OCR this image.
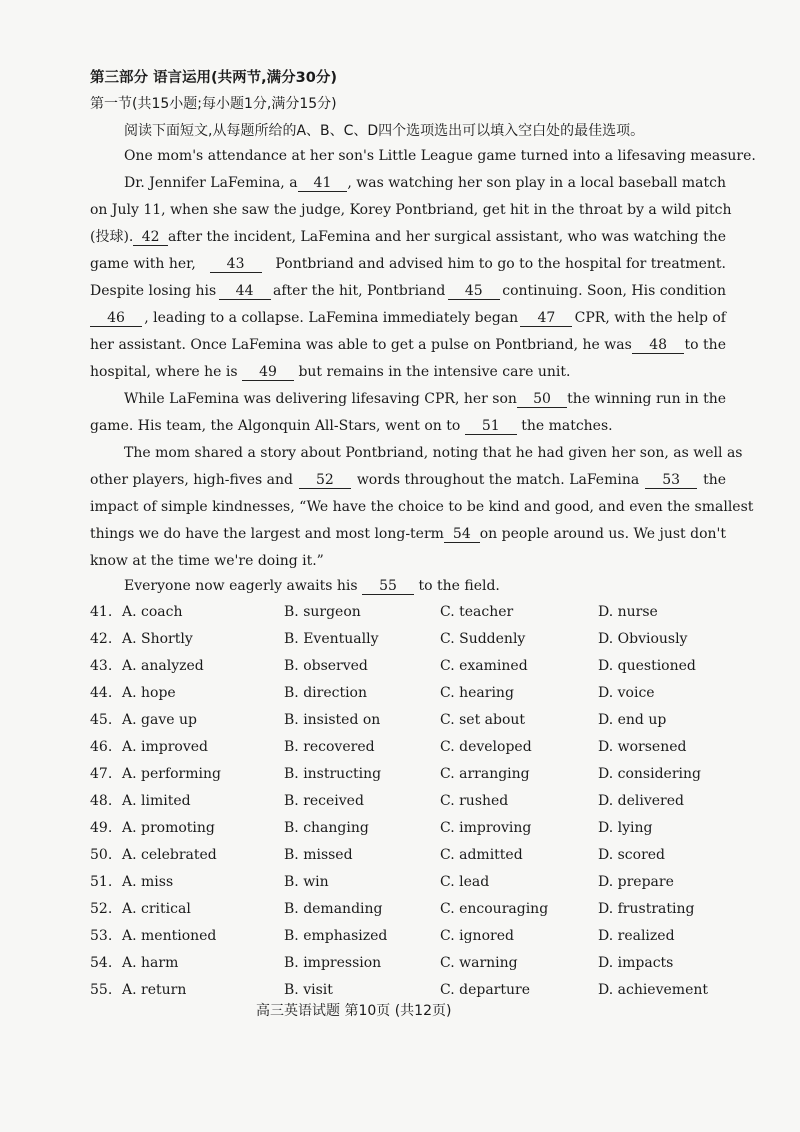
第三部分 语言运用(共两节,满分30分)
第一节(共15小题;每小题1分,满分15分)
阅读下面短文,从每题所给的A、B、C、D四个选项选出可以填入空白处的最佳选项。
One mom's attendance at her son's Little League game turned into a lifesaving measure.
Dr. Jennifer LaFemina, a	41	, was watching her son play in a local baseball match
on July 11, when she saw the judge, Korey Pontbriand, get hit in the throat by a wild pitch
(投球). 42 after the incident, LaFemina and her surgical assistant, who was watching the
game with her,	43	Pontbriand and advised him to go to the hospital for treatment.
Despite losing his	44	after the hit, Pontbriand	45	continuing. Soon, His condition
46	, leading to a collapse. LaFemina immediately began	47	CPR, with the help of
her assistant. Once LaFemina was able to get a pulse on Pontbriand, he was	48	to the
hospital, where he is
	49
	but remains in the intensive care unit.
While LaFemina was delivering lifesaving CPR, her son	50	the winning run in the
game. His team, the Algonquin All-Stars, went on to
	51
	the matches.
The mom shared a story about Pontbriand, noting that he had given her son, as well as
other players, high-fives and	52	words throughout the match. LaFemina	53	the
impact of simple kindnesses, “We have the choice to be kind and good, and even the smallest
things we do have the largest and most long-term 54 on people around us. We just don't
know at the time we're doing it.”
Everyone now eagerly awaits his
	55
	to the field.
41. A. coach	B. surgeon	C. teacher	D. nurse
42. A. Shortly	B. Eventually	C. Suddenly	D. Obviously
43. A. analyzed	B. observed	C. examined	D. questioned
44. A. hope	B. direction	C. hearing	D. voice
45. A. gave up	B. insisted on	C. set about	D. end up
46. A. improved	B. recovered	C. developed	D. worsened
47. A. performing	B. instructing	C. arranging	D. considering
48. A. limited	B. received	C. rushed	D. delivered
49. A. promoting	B. changing	C. improving	D. lying
50. A. celebrated	B. missed	C. admitted	D. scored
51. A. miss	B. win	C. lead	D. prepare
52. A. critical	B. demanding	C. encouraging	D. frustrating
53. A. mentioned	B. emphasized	C. ignored	D. realized
54. A. harm	B. impression	C. warning	D. impacts
55. A. return	B. visit	C. departure	D. achievement
高三英语试题 第10页 (共12页)
